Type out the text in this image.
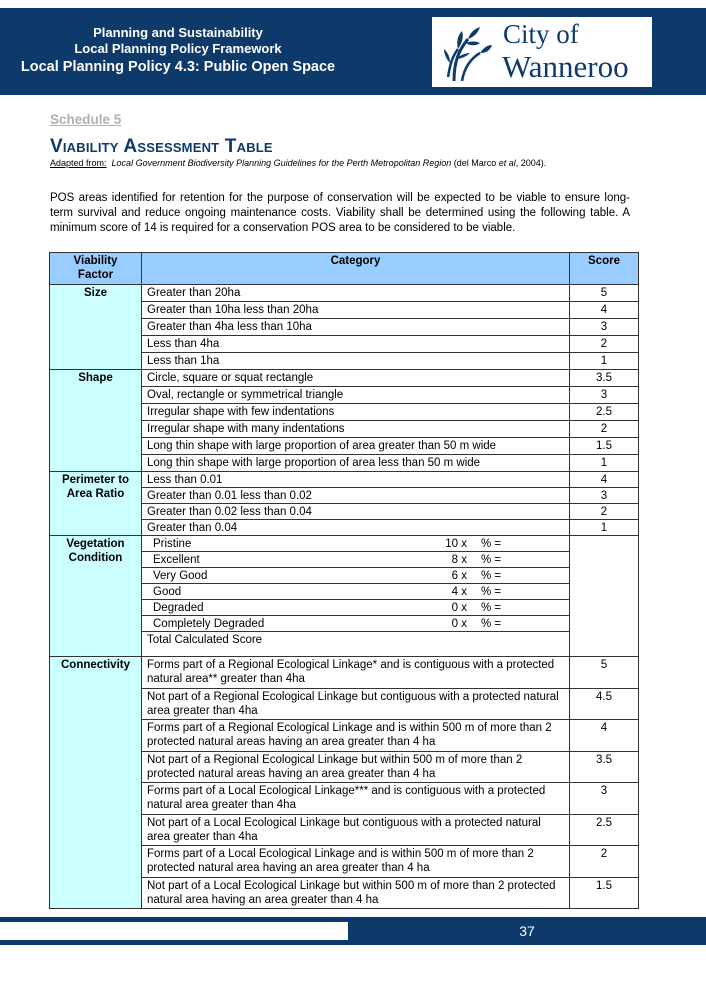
Planning and Sustainability
Local Planning Policy Framework
Local Planning Policy 4.3: Public Open Space
City of
Wanneroo
Schedule 5
Viability Assessment Table
Adapted from: Local Government Biodiversity Planning Guidelines for the Perth Metropolitan Region (del Marco et al, 2004).

POS areas identified for retention for the purpose of conservation will be expected to be viable to ensure long-term survival and reduce ongoing maintenance costs. Viability shall be determined using the following table. A minimum score of 14 is required for a conservation POS area to be considered to be viable.

Viability Factor	Category	Score
Size	Greater than 20ha	5
	Greater than 10ha less than 20ha	4
	Greater than 4ha less than 10ha	3
	Less than 4ha	2
	Less than 1ha	1
Shape	Circle, square or squat rectangle	3.5
	Oval, rectangle or symmetrical triangle	3
	Irregular shape with few indentations	2.5
	Irregular shape with many indentations	2
	Long thin shape with large proportion of area greater than 50 m wide	1.5
	Long thin shape with large proportion of area less than 50 m wide	1
Perimeter to Area Ratio	Less than 0.01	4
	Greater than 0.01 less than 0.02	3
	Greater than 0.02 less than 0.04	2
	Greater than 0.04	1
Vegetation Condition	Pristine 10 x % =	

	Excellent 8 x % =	

	Very Good 6 x % =	

	Good 4 x % =	

	Degraded 0 x % =	

	Completely Degraded 0 x % =	

	Total Calculated Score	
Connectivity	Forms part of a Regional Ecological Linkage* and is contiguous with a protected natural area** greater than 4ha	5
	Not part of a Regional Ecological Linkage but contiguous with a protected natural area greater than 4ha	4.5
	Forms part of a Regional Ecological Linkage and is within 500 m of more than 2 protected natural areas having an area greater than 4 ha	4
	Not part of a Regional Ecological Linkage but within 500 m of more than 2 protected natural areas having an area greater than 4 ha	3.5
	Forms part of a Local Ecological Linkage*** and is contiguous with a protected natural area greater than 4ha	3
	Not part of a Local Ecological Linkage but contiguous with a protected natural area greater than 4ha	2.5
	Forms part of a Local Ecological Linkage and is within 500 m of more than 2 protected natural area having an area greater than 4 ha	2
	Not part of a Local Ecological Linkage but within 500 m of more than 2 protected natural area having an area greater than 4 ha	1.5
37
